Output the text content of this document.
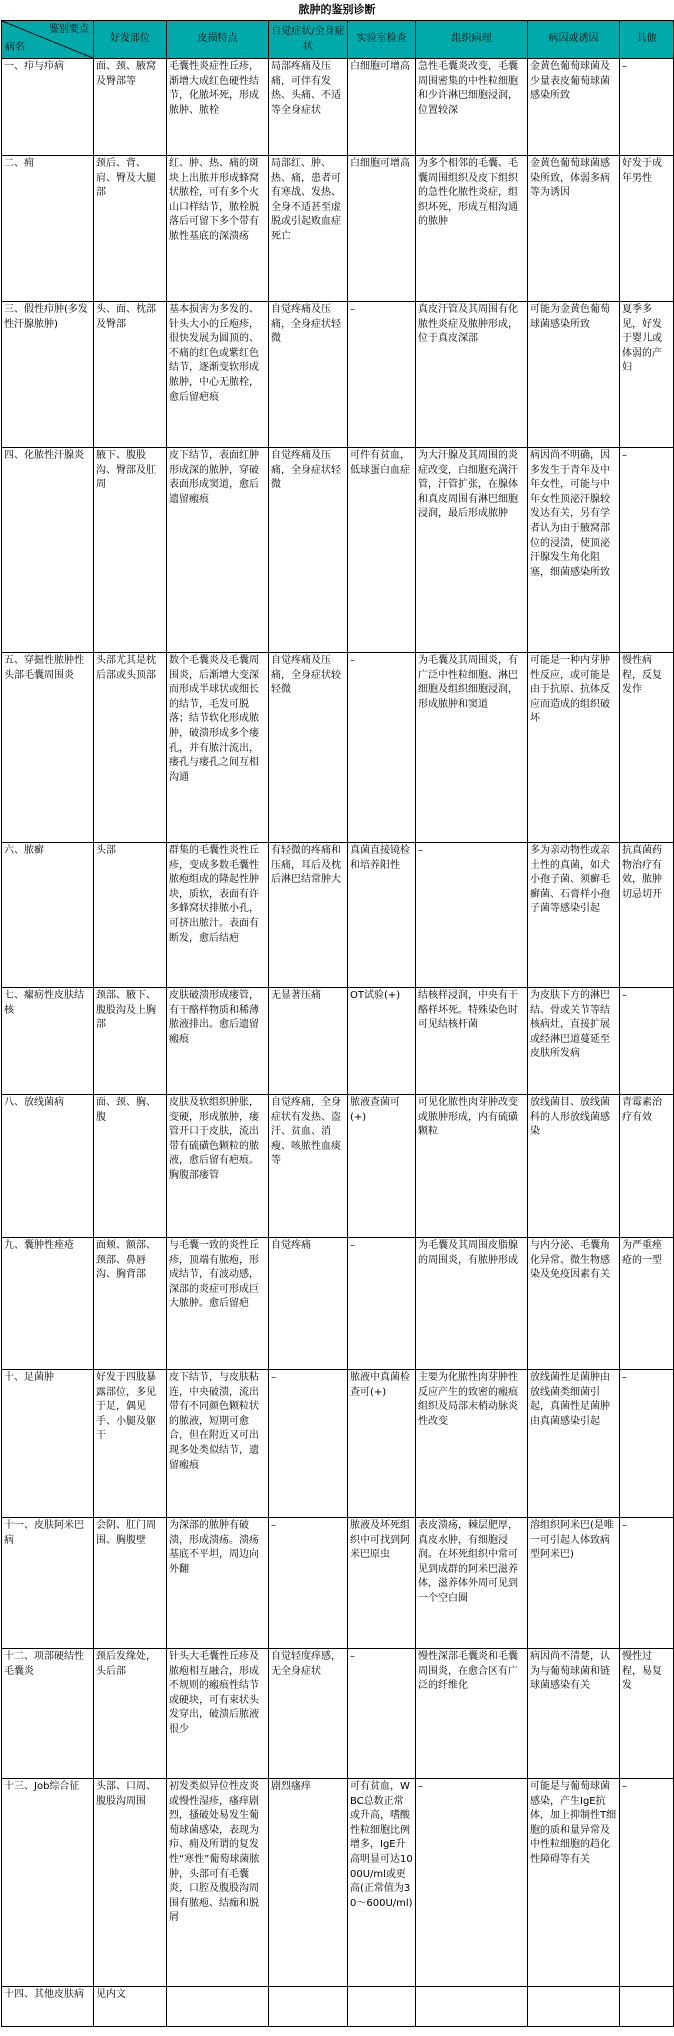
脓肿的鉴别诊断
鉴别要点
病名	好发部位	皮损特点	自觉症状/全身症状	实验室检查	组织病理	病因或诱因	其他
一、疖与疖病	面、颈、腋窝及臀部等	毛囊性炎症性丘疹，渐增大成红色硬性结节，化脓坏死，形成脓肿、脓栓	局部疼痛及压痛，可伴有发热、头痛、不适等全身症状	白细胞可增高	急性毛囊炎改变，毛囊周围密集的中性粒细胞和少许淋巴细胞浸润，位置较深	金黄色葡萄球菌及少量表皮葡萄球菌感染所致	–
二、痈	颈后、背、肩、臀及大腿部	红、肿、热、痛的斑块上出脓并形成蜂窝状脓栓，可有多个火山口样结节，脓栓脱落后可留下多个带有脓性基底的深溃疡	局部红、肿、热、痛，患者可有寒战、发热、全身不适甚至虚脱或引起败血症死亡	白细胞可增高	为多个相邻的毛囊、毛囊周围组织及皮下组织的急性化脓性炎症，组织坏死，形成互相沟通的脓肿	金黄色葡萄球菌感染所致，体弱多病等为诱因	好发于成年男性
三、假性疖肿(多发性汗腺脓肿)	头、面、枕部及臀部	基本损害为多发的、针头大小的丘疱疹，很快发展为圆顶的、不痛的红色或紫红色结节，逐渐变软形成脓肿，中心无脓栓，愈后留疤痕	自觉疼痛及压痛，全身症状轻微	–	真皮汗管及其周围有化脓性炎症及脓肿形成，位于真皮深部	可能为金黄色葡萄球菌感染所致	夏季多见，好发于婴儿或体弱的产妇
四、化脓性汗腺炎	腋下、腹股沟、臀部及肛周	皮下结节，表面红肿形成深的脓肿，穿破表面形成窦道，愈后遗留瘢痕	自觉疼痛及压痛，全身症状轻微	可件有贫血，低球蛋白血症	为大汗腺及其周围的炎症改变，白细胞充满汗管，汗管扩张，在腺体和真皮周围有淋巴细胞浸润，最后形成脓肿	病因尚不明确，因多发生于青年及中年女性，可能与中年女性顶泌汗腺较发达有关，另有学者认为由于腋窝部位的浸渍，使顶泌汗腺发生角化阻塞，细菌感染所致	–
五、穿掘性脓肿性头部毛囊周围炎	头部尤其是枕后部或头顶部	数个毛囊炎及毛囊周围炎，后渐增大变深而形成半球状或细长的结节，毛发可脱落；结节软化形成脓肿，破溃形成多个瘘孔，并有脓汁流出，瘘孔与瘘孔之间互相沟通	自觉疼痛及压痛，全身症状较轻微	–	为毛囊及其周围炎，有广泛中性粒细胞、淋巴细胞及组织细胞浸润，形成脓肿和窦道	可能是一种内芽肿性反应，或可能是由于抗原、抗体反应而造成的组织破坏	慢性病程，反复发作
六、脓癣	头部	群集的毛囊性炎性丘疹，变成多数毛囊性脓疱组成的隆起性肿块，质软，表面有许多蜂窝状排脓小孔，可挤出脓汁。表面有断发，愈后结疤	有轻微的疼痛和压痛，耳后及枕后淋巴结常肿大	真菌直接镜检和培养阳性	–	多为亲动物性或亲土性的真菌，如犬小孢子菌、须癣毛癣菌、石膏样小孢子菌等感染引起	抗真菌药物治疗有效，脓肿切忌切开
七、瘰疬性皮肤结核	颈部、腋下、腹股沟及上胸部	皮肤破溃形成瘘管，有干酪样物质和稀薄脓液排出。愈后遗留瘢痕	无显著压痛	OT试验(+)	结核样浸润，中央有干酪样坏死。特殊染色时可见结核杆菌	为皮肤下方的淋巴结、骨或关节等结核病灶，直接扩展或经淋巴道蔓延至皮肤所发病	–
八、放线菌病	面、颈、胸、腹	皮肤及软组织肿胀，变硬，形成脓肿，瘘管开口于皮肤，流出带有硫磺色颗粒的脓液，愈后留有疤痕。胸腹部瘘管	自觉疼痛，全身症状有发热、盗汗、贫血、消瘦、咳脓性血痰等	脓液查菌可(+)	可见化脓性肉芽肿改变或脓肿形成，内有硫磺颗粒	放线菌目、放线菌科的人形放线菌感染	青霉素治疗有效
九、囊肿性痤疮	面颊、额部、颈部、鼻唇沟、胸背部	与毛囊一致的炎性丘疹，顶端有脓疱，形成结节，有波动感，深部的炎症可形成巨大脓肿。愈后留疤	自觉疼痛	–	为毛囊及其周围皮脂腺的周围炎，有脓肿形成	与内分泌、毛囊角化异常、微生物感染及免疫因素有关	为严重痤疮的一型
十、足菌肿	好发于四肢暴露部位，多见于足，偶见手、小腿及躯干	皮下结节，与皮肤粘连，中央破溃，流出带有不同颜色颗粒状的脓液，短期可愈合，但在附近又可出现多处类似结节，遗留瘢痕	–	脓液中真菌检查可(+)	主要为化脓性肉芽肿性反应产生的致密的瘢痕组织及局部末梢动脉炎性改变	放线菌性足菌肿由放线菌类细菌引起，真菌性足菌肿由真菌感染引起	–
十一、皮肤阿米巴病	会阴、肛门周围、胸腹壁	为深部的脓肿有破溃，形成溃疡。溃疡基底不平坦，周边向外翻	–	脓液及坏死组织中可找到阿米巴原虫	表皮溃疡，棘层肥厚，真皮水肿，有细胞浸润。在坏死组织中常可见到成群的阿米巴滋养体，滋养体外周可见到一个空白圈	溶组织阿米巴(是唯一可引起人体致病型阿米巴)	–
十二、项部硬结性毛囊炎	颈后发缘处，头后部	针头大毛囊性丘疹及脓疱相互融合，形成不规则的瘢痕性结节或硬块，可有束状头发穿出，破溃后脓液很少	自觉轻度痒感，无全身症状	–	慢性深部毛囊炎和毛囊周围炎，在愈合区有广泛的纤维化	病因尚不清楚，认为与葡萄球菌和链球菌感染有关	慢性过程，易复发
十三、Job综合征	头部、口周、腹股沟周围	初发类似异位性皮炎或慢性湿疹，瘙痒剧烈，搔破处易发生葡萄球菌感染，表现为疖、痈及所谓的复发性“寒性”葡萄球菌脓肿，头部可有毛囊炎，口腔及腹股沟周围有脓疱、结痂和脱屑	剧烈瘙痒	可有贫血，WBC总数正常或升高，嗜酸性粒细胞比例增多，IgE升高明显可达1000U/ml或更高(正常值为30～600U/ml)	–	可能是与葡萄球菌感染，产生IgE抗体，加上抑制性T细胞的质和量异常及中性粒细胞的趋化性障碍等有关	–
十四、其他皮肤病	见内文						
